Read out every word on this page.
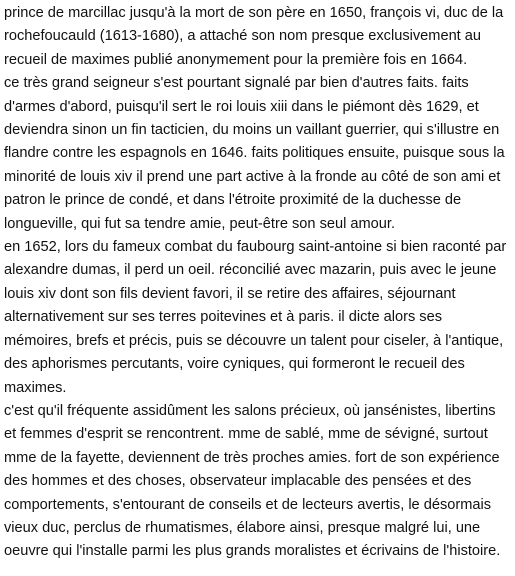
prince de marcillac jusqu'à la mort de son père en 1650, françois vi, duc de la
rochefoucauld (1613-1680), a attaché son nom presque exclusivement au
recueil de maximes publié anonymement pour la première fois en 1664.

ce très grand seigneur s'est pourtant signalé par bien d'autres faits. faits
d'armes d'abord, puisqu'il sert le roi louis xiii dans le piémont dès 1629, et
deviendra sinon un fin tacticien, du moins un vaillant guerrier, qui s'illustre en
flandre contre les espagnols en 1646. faits politiques ensuite, puisque sous la
minorité de louis xiv il prend une part active à la fronde au côté de son ami et
patron le prince de condé, et dans l'étroite proximité de la duchesse de
longueville, qui fut sa tendre amie, peut-être son seul amour.

en 1652, lors du fameux combat du faubourg saint-antoine si bien raconté par
alexandre dumas, il perd un oeil. réconcilié avec mazarin, puis avec le jeune
louis xiv dont son fils devient favori, il se retire des affaires, séjournant
alternativement sur ses terres poitevines et à paris. il dicte alors ses
mémoires, brefs et précis, puis se découvre un talent pour ciseler, à l'antique,
des aphorismes percutants, voire cyniques, qui formeront le recueil des
maximes.

c'est qu'il fréquente assidûment les salons précieux, où jansénistes, libertins
et femmes d'esprit se rencontrent. mme de sablé, mme de sévigné, surtout
mme de la fayette, deviennent de très proches amies. fort de son expérience
des hommes et des choses, observateur implacable des pensées et des
comportements, s'entourant de conseils et de lecteurs avertis, le désormais
vieux duc, perclus de rhumatismes, élabore ainsi, presque malgré lui, une
oeuvre qui l'installe parmi les plus grands moralistes et écrivains de l'histoire.
